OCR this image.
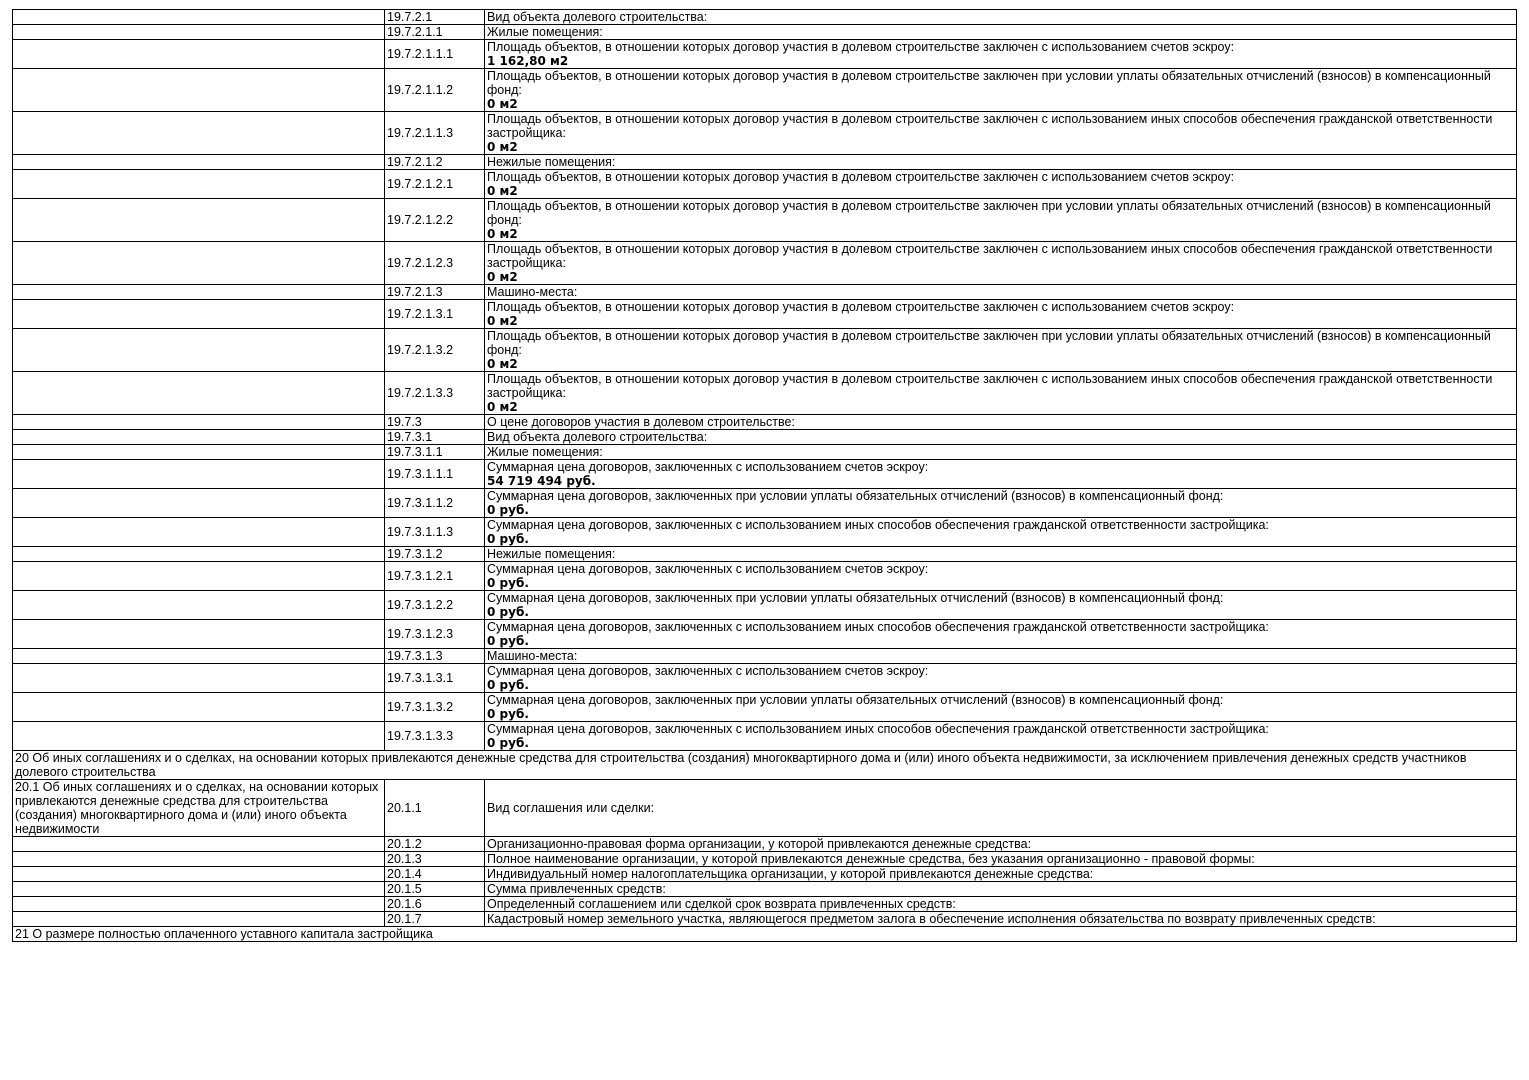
	19.7.2.1	Вид объекта долевого строительства:

	19.7.2.1.1	Жилые помещения:

	19.7.2.1.1.1	Площадь объектов, в отношении которых договор участия в долевом строительстве заключен с использованием счетов эскроу:
1 162,80 м2

	19.7.2.1.1.2	Площадь объектов, в отношении которых договор участия в долевом строительстве заключен при условии уплаты обязательных отчислений (взносов) в компенсационный фонд:
0 м2

	19.7.2.1.1.3	Площадь объектов, в отношении которых договор участия в долевом строительстве заключен с использованием иных способов обеспечения гражданской ответственности застройщика:
0 м2

	19.7.2.1.2	Нежилые помещения:

	19.7.2.1.2.1	Площадь объектов, в отношении которых договор участия в долевом строительстве заключен с использованием счетов эскроу:
0 м2

	19.7.2.1.2.2	Площадь объектов, в отношении которых договор участия в долевом строительстве заключен при условии уплаты обязательных отчислений (взносов) в компенсационный фонд:
0 м2

	19.7.2.1.2.3	Площадь объектов, в отношении которых договор участия в долевом строительстве заключен с использованием иных способов обеспечения гражданской ответственности застройщика:
0 м2

	19.7.2.1.3	Машино-места:

	19.7.2.1.3.1	Площадь объектов, в отношении которых договор участия в долевом строительстве заключен с использованием счетов эскроу:
0 м2

	19.7.2.1.3.2	Площадь объектов, в отношении которых договор участия в долевом строительстве заключен при условии уплаты обязательных отчислений (взносов) в компенсационный фонд:
0 м2

	19.7.2.1.3.3	Площадь объектов, в отношении которых договор участия в долевом строительстве заключен с использованием иных способов обеспечения гражданской ответственности застройщика:
0 м2

	19.7.3	О цене договоров участия в долевом строительстве:

	19.7.3.1	Вид объекта долевого строительства:

	19.7.3.1.1	Жилые помещения:

	19.7.3.1.1.1	Суммарная цена договоров, заключенных с использованием счетов эскроу:
54 719 494 руб.

	19.7.3.1.1.2	Суммарная цена договоров, заключенных при условии уплаты обязательных отчислений (взносов) в компенсационный фонд:
0 руб.

	19.7.3.1.1.3	Суммарная цена договоров, заключенных с использованием иных способов обеспечения гражданской ответственности застройщика:
0 руб.

	19.7.3.1.2	Нежилые помещения:

	19.7.3.1.2.1	Суммарная цена договоров, заключенных с использованием счетов эскроу:
0 руб.

	19.7.3.1.2.2	Суммарная цена договоров, заключенных при условии уплаты обязательных отчислений (взносов) в компенсационный фонд:
0 руб.

	19.7.3.1.2.3	Суммарная цена договоров, заключенных с использованием иных способов обеспечения гражданской ответственности застройщика:
0 руб.

	19.7.3.1.3	Машино-места:

	19.7.3.1.3.1	Суммарная цена договоров, заключенных с использованием счетов эскроу:
0 руб.

	19.7.3.1.3.2	Суммарная цена договоров, заключенных при условии уплаты обязательных отчислений (взносов) в компенсационный фонд:
0 руб.

	19.7.3.1.3.3	Суммарная цена договоров, заключенных с использованием иных способов обеспечения гражданской ответственности застройщика:
0 руб.

20 Об иных соглашениях и о сделках, на основании которых привлекаются денежные средства для строительства (создания) многоквартирного дома и (или) иного объекта недвижимости, за исключением привлечения денежных средств участников долевого строительства		
20.1 Об иных соглашениях и о сделках, на основании которых привлекаются денежные средства для строительства (создания) многоквартирного дома и (или) иного объекта недвижимости	20.1.1	Вид соглашения или сделки:
	20.1.2	Организационно-правовая форма организации, у которой привлекаются денежные средства:
	20.1.3	Полное наименование организации, у которой привлекаются денежные средства, без указания организационно - правовой формы:
	20.1.4	Индивидуальный номер налогоплательщика организации, у которой привлекаются денежные средства:
	20.1.5	Сумма привлеченных средств:
	20.1.6	Определенный соглашением или сделкой срок возврата привлеченных средств:
	20.1.7	Кадастровый номер земельного участка, являющегося предметом залога в обеспечение исполнения обязательства по возврату привлеченных средств:
21 О размере полностью оплаченного уставного капитала застройщика		
